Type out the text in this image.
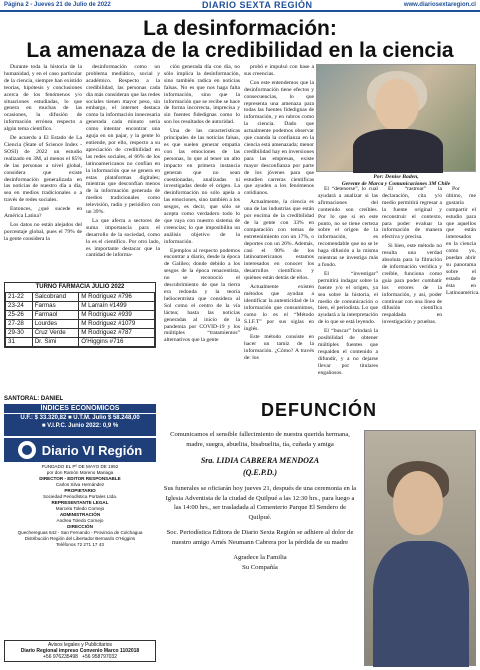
Página 2 - Jueves 21 de Julio de 2022	DIARIO SEXTA REGIÓN	www.diariosextaregion.cl
La desinformación:
La amenaza de la credibilidad en la ciencia

Durante toda la historia de la humanidad, y en el caso particular de la ciencia, siempre han existido teorías, hipótesis y conclusiones acerca de los fenómenos y/o situaciones estudiadas, lo que genera en muchas de las ocasiones, la difusión de información errónea respecto a algún tema científico.

De acuerdo a El Estado de La Ciencia (State of Science Index - SOSI) de 2022 un estudio realizado en 3M, al menos el 85% de las personas a nivel global, considera que existe desinformación generalizada en las noticias de nuestro día a día, sea en medios tradicionales o a través de redes sociales.

Entonces, ¿qué sucede en América Latina?

Los datos no están alejados del porcentaje global, pues el 79% de la gente considera la

desinformación como un problema mediático, social y académico. Respecto a la credibilidad, las personas cada día más consideran que las redes sociales tienen mayor peso, sin embargo, el internet destaca como la información innecesaria generada cada minuto sería como intentar encontrar una aguja en un pajar, y la gente lo entiende, por ello, respecto a su apreciación de credibilidad en las redes sociales, el 66% de los latinoamericanos no confían en la información que se genera en estas plataformas digitales; mientras que desconfían menos de la información generada de medios tradicionales como televisión, radio y periódico con un 39%.

La que afecta a sectores de suma importancia para el desarrollo de la sociedad, como lo es el científico. Por otro lado, es importante destacar que la cantidad de informa-

ción generada día con día, no sólo implica la desinformación, sino también radica en noticias falsas. No es que nos haga falta información, sino que la información que se recibe se hace de forma incorrecta, imprecisa y sin fuentes fidedignas como lo son los resultados de autoridad.

Una de las características principales de las noticias falsas, es que suelen generar empatía con las emociones de las personas, lo que al tener un alto impacto en primera instancia generan que no sean cuestionadas, analizadas ni investigadas desde el origen. La desinformación no sólo apela a las emociones, sino también a los sesgos, es decir, que sólo se acepta como verdadero todo lo que vaya con nuestro sistema de creencias; lo que imposibilita un análisis objetivo de la información.

Ejemplos al respecto podemos encontrar a diario, desde la época de Galileo; donde debido a los sesgos de la época renacentista, no se reconoció el descubrimiento de que la tierra era redonda y la teoría heliocentrista que considera al Sol como el centro de la vía láctea; hasta las noticias generadas al inicio de la pandemia por COVID-19 y los múltiples “tratamientos” alternativos que la gente

probó e impulsó con base a sus creencias.

Con este entendemos que la desinformación tiene efectos y consecuencias, lo que representa una amenaza para todas las fuentes fidedignas de información, y en rubros como la ciencia. Dado que actualmente podemos observar que cuanda la confianza en la ciencia está amenazada; menor credibilidad hay en inversiones para las empresas, existe mayor desconfianza por parte de los jóvenes para que estudien carreras científicas que ayuden a los fenómenos cotidianos.

Actualmente, la ciencia es una de las industrias que están por encima de la credibilidad de la gente con 33% en comparación con temas de entretenimiento con un 17%, o deportes con un 26%. Además, casi el 90% de los latinoamericanos estamos interesados en conocer los desarrollos científicos y quiénes están detrás de ellos.

Actualmente existen métodos que ayudan a identificar la autenticidad de la información que consumimos, como lo es el “Método S.I.F.T” por sus siglas en inglés.

Este método consiste en hacer un tamiz de la información. ¿Cómo? A través de: los

Por: Denise Baden,
Gerente de Marca y Comunicaciones 3M Chile

El “detenerse”, lo cual ayudará a analizar si las afirmaciones del contenido son creíbles. Por lo que si en este punto, no se tiene certeza sobre el origen de la información, es recomendable que no se le haga difusión a la misma mientras se investiga más a fondo.

El “investigar” permitirá indagar sobre la fuente y/o el origen, ya sea sobre la historia, el medio de comunicación o bien, el periodista. Lo que ayudará a la interpretación de lo que se está leyendo.

El “buscar” brindará la posibilidad de obtener múltiples fuentes que respalden el contenido a difundir, y a no dejarse llevar por titulares engañosos.

El “rastrear” la declaración, cita y/o medio permitirá regresar a la fuente original y reconstruir el contexto, para poder evaluar la información de manera efectiva y precisa.

Si bien, este método no resulta una verdad absoluta para la filtración de información verídica y creíble, funciona como guía para poder combatir los errores de la información, y así, poder continuar con una línea de difusión científica respaldada en investigación y pruebas.

Por último, me gustaría compartir el estudio para que aquellos que están interesados en la ciencia como yo, puedan abrir su panorama sobre el estado de ésta en Latinoamérica.

TURNO FARMACIA JULIO 2022
21-22	Salcobrand	M Rodriguez #796
23-24	Farmas	M Larraín #1499
25-26	Farmaol	M Rodriguez #939
27-28	Lourdes	M Rodriguez #1079
29-30	Cruz Verde	M Rodriguez #787
31	Dr. Simi	O'Higgins #716
SANTORAL: DANIEL
ÍNDICES ECONÓMICOS
U.F.: $ 33.320,82 ■ U.T.M. Julio $ 58.248,00
■ V.I.P.C. Junio 2022: 0,9 %
Diario VI Región
FUNDADO EL Pº DE MAYO DE 1952
por don Ramón Moreno Mariaga
DIRECTOR - EDITOR RESPONSABLE
Carlos Silva Hernández
PROPIETARIO
Sociedad Periodística Portales Ltda.
REPRESENTANTE LEGAL
Marcela Toledo Cornejo
ADMINISTRACIÓN
Andrea Toledo Cornejo
DIRECCIÓN
Quechereguas 642 - San Fernando - Provincia de Colchagua
Distribución Región del Libertador Bernardo O'Higgins
Teléfonos 72 271 17 43
Avisos legales y Publicitarios
Diario Regional impreso Convenio Marco 1102018
+56 976235498 +56 958797032
DEFUNCIÓN

Comunicamos el sensible fallecimiento de nuestra querida hermana, madre, suegra, abuelita, bisabuelita, tía, cuñada y amiga

Sra. LIDIA CABRERA MENDOZA
(Q.E.P.D.)

Sus funerales se oficiarán hoy jueves 21, después de una ceremonia en la Iglesia Adventista de la ciudad de Quilpué a las 12:30 hrs., para luego a las 14:00 hrs., ser trasladada al Cementerio Parque El Sendero de Quilpué.

Soc. Periodística Editora de Diario Sexta Región se adhiere al dolor de nuestro amigo Arnés Neumann Cabrera por la pérdida de su madre

Agradece la Familia
Su Compañía
